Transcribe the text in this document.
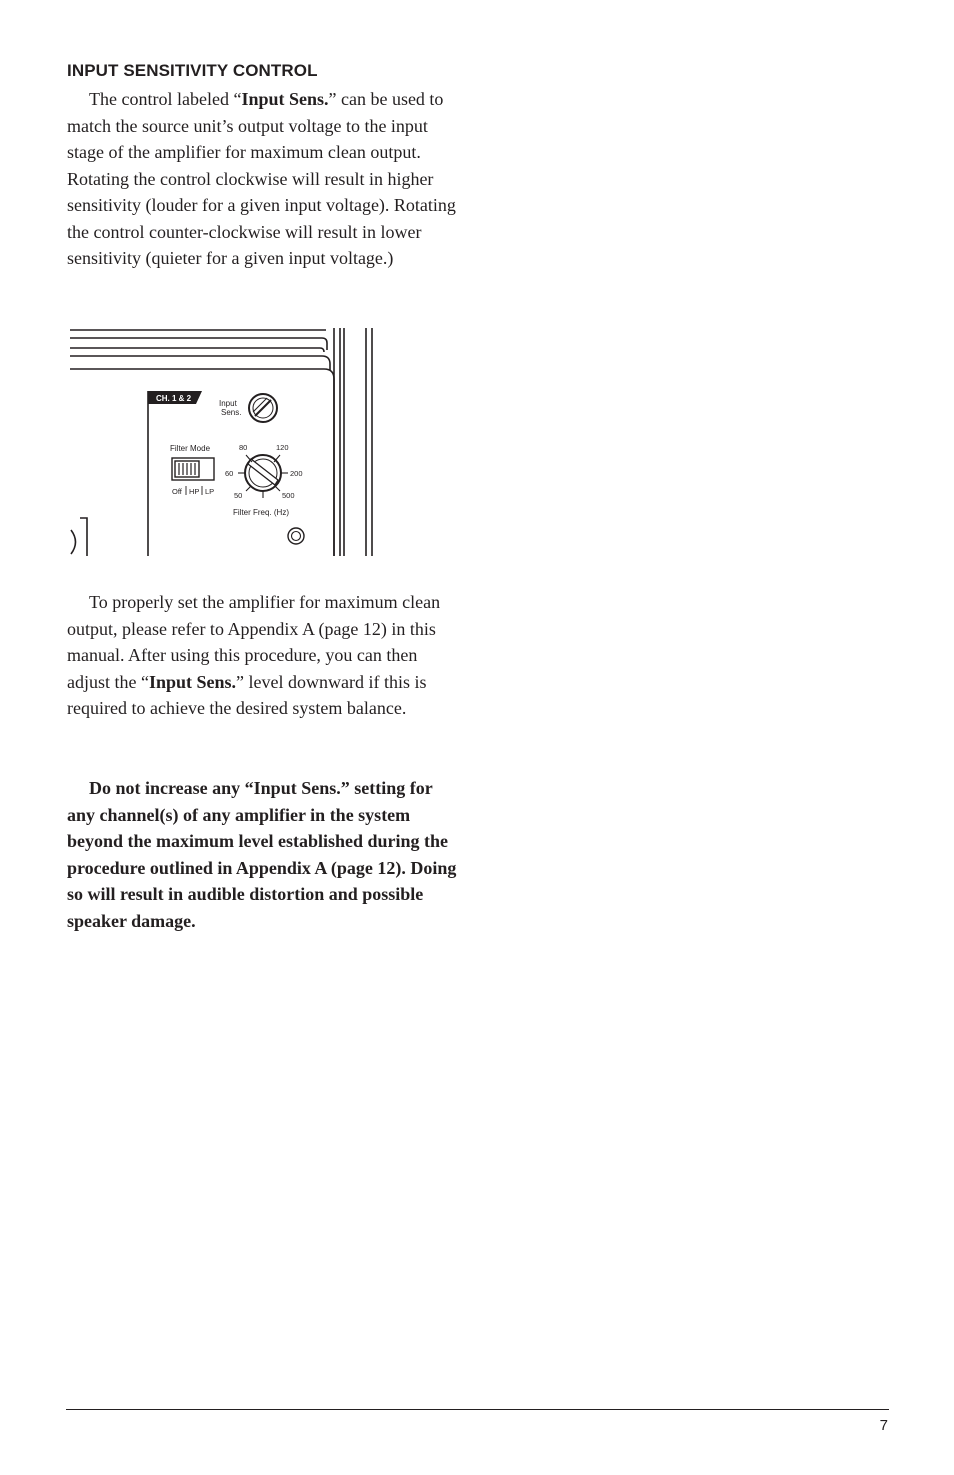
INPUT SENSITIVITY CONTROL

The control labeled “Input Sens.” can be used to match the source unit’s output voltage to the input stage of the amplifier for maximum clean output. Rotating the control clockwise will result in higher sensitivity (louder for a given input voltage). Rotating the control counter-clockwise will result in lower sensitivity (quieter for a given input voltage.)

CH. 1 & 2
Input
Sens.
Filter Mode
Off HP LP
80	120
60	200
50	500
Filter Freq. (Hz)

To properly set the amplifier for maximum clean output, please refer to Appendix A (page 12) in this manual. After using this procedure, you can then adjust the “Input Sens.” level downward if this is required to achieve the desired system balance.

Do not increase any “Input Sens.” setting for any channel(s) of any amplifier in the system beyond the maximum level established during the procedure outlined in Appendix A (page 12). Doing so will result in audible distortion and possible speaker damage.

7
